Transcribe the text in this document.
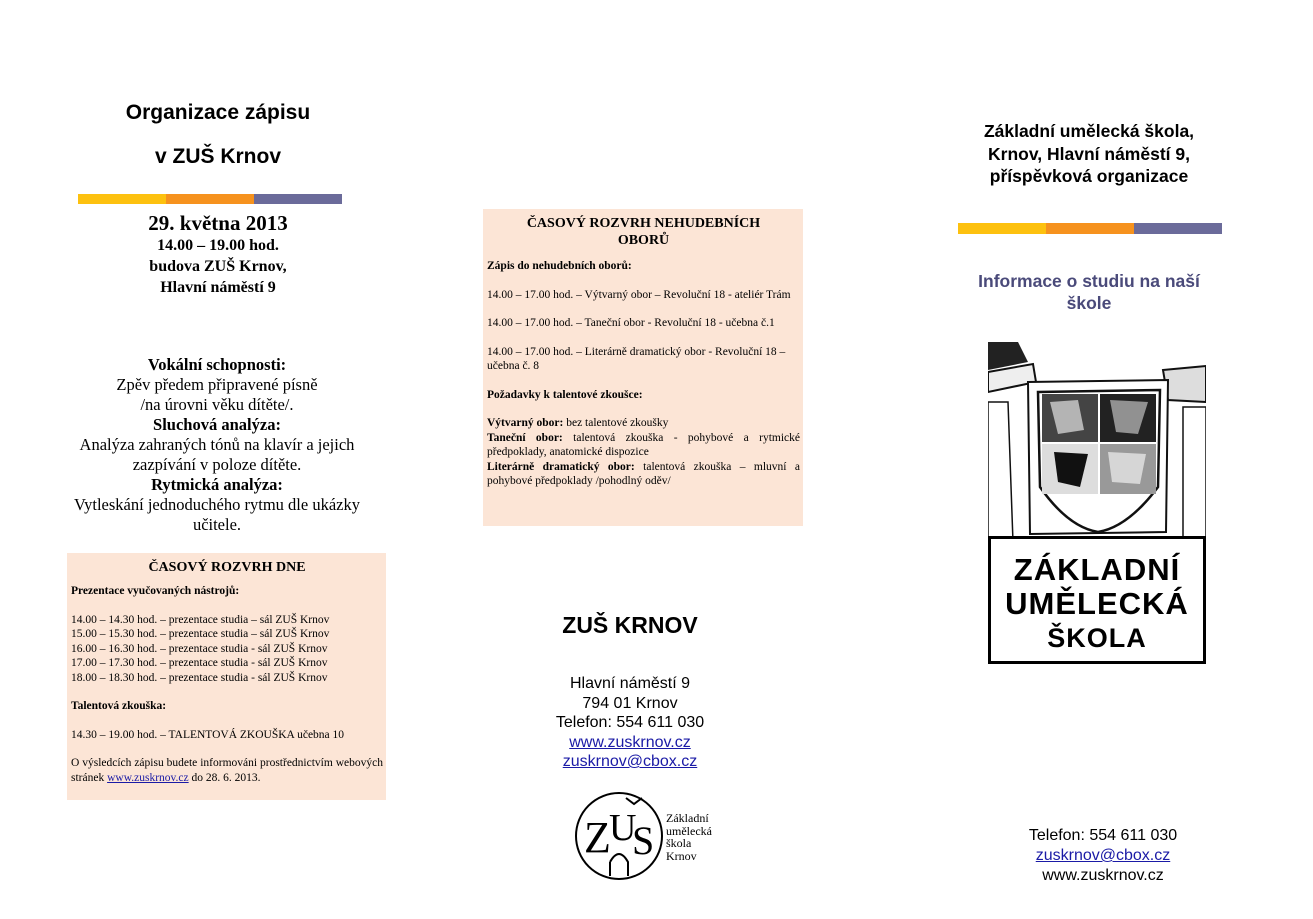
Organizace zápisu
v ZUŠ Krnov
29. května 2013
14.00 – 19.00 hod.
budova ZUŠ Krnov,
Hlavní náměstí 9
Vokální schopnosti:
Zpěv předem připravené písně
/na úrovni věku dítěte/.
Sluchová analýza:
Analýza zahraných tónů na klavír a jejich
zazpívání v poloze dítěte.
Rytmická analýza:
Vytleskání jednoduchého rytmu dle ukázky
učitele.
ČASOVÝ ROZVRH DNE

Prezentace vyučovaných nástrojů:

14.00 – 14.30 hod. – prezentace studia – sál ZUŠ Krnov
15.00 – 15.30 hod. – prezentace studia – sál ZUŠ Krnov
16.00 – 16.30 hod. – prezentace studia - sál ZUŠ Krnov
17.00 – 17.30 hod. – prezentace studia - sál ZUŠ Krnov
18.00 – 18.30 hod. – prezentace studia - sál ZUŠ Krnov

Talentová zkouška:

14.30 – 19.00 hod. – TALENTOVÁ ZKOUŠKA učebna 10

O výsledcích zápisu budete informováni prostřednictvím webových stránek www.zuskrnov.cz do 28. 6. 2013.

ČASOVÝ ROZVRH NEHUDEBNÍCH
OBORŮ

Zápis do nehudebních oborů:

14.00 – 17.00 hod. – Výtvarný obor – Revoluční 18 - ateliér Trám

14.00 – 17.00 hod. – Taneční obor - Revoluční 18 - učebna č.1

14.00 – 17.00 hod. – Literárně dramatický obor - Revoluční 18 – učebna č. 8

Požadavky k talentové zkoušce:

Výtvarný obor: bez talentové zkoušky
Taneční obor: talentová zkouška - pohybové a rytmické předpoklady, anatomické dispozice
Literárně dramatický obor: talentová zkouška – mluvní a pohybové předpoklady /pohodlný oděv/
ZUŠ KRNOV
Hlavní náměstí 9
794 01 Krnov
Telefon: 554 611 030
www.zuskrnov.cz
zuskrnov@cbox.cz
Z
U
S Základní
umělecká
škola
Krnov
Základní umělecká škola,
Krnov, Hlavní náměstí 9,
příspěvková organizace
Informace o studiu na naší
škole
ZÁKLADNÍ
UMĚLECKÁ
ŠKOLA
Telefon: 554 611 030
zuskrnov@cbox.cz
www.zuskrnov.cz
